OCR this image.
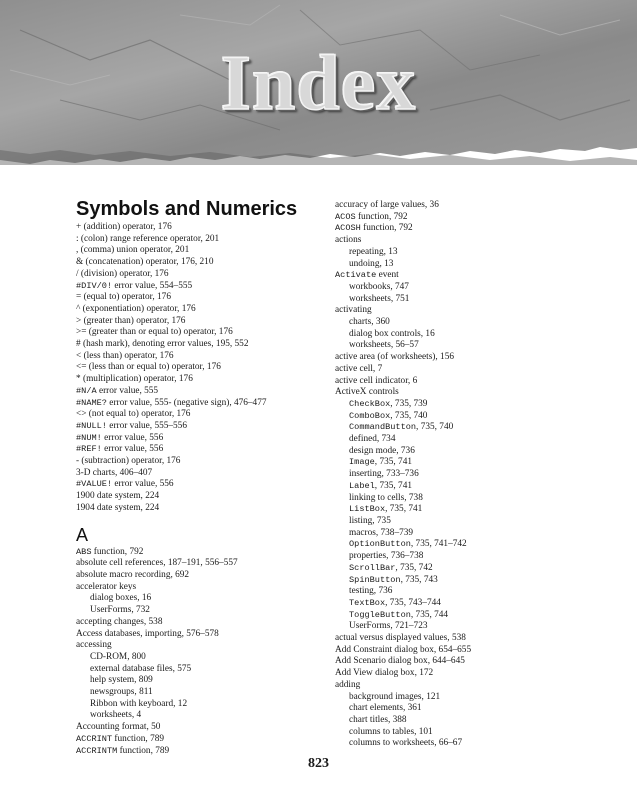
Index
Symbols and Numerics
+ (addition) operator, 176
: (colon) range reference operator, 201
, (comma) union operator, 201
& (concatenation) operator, 176, 210
/ (division) operator, 176
#DIV/0! error value, 554–555
= (equal to) operator, 176
^ (exponentiation) operator, 176
> (greater than) operator, 176
>= (greater than or equal to) operator, 176
# (hash mark), denoting error values, 195, 552
< (less than) operator, 176
<= (less than or equal to) operator, 176
* (multiplication) operator, 176
#N/A error value, 555
#NAME? error value, 555- (negative sign), 476–477
<> (not equal to) operator, 176
#NULL! error value, 555–556
#NUM! error value, 556
#REF! error value, 556
- (subtraction) operator, 176
3-D charts, 406–407
#VALUE! error value, 556
1900 date system, 224
1904 date system, 224
A
ABS function, 792
absolute cell references, 187–191, 556–557
absolute macro recording, 692
accelerator keys
dialog boxes, 16
UserForms, 732
accepting changes, 538
Access databases, importing, 576–578
accessing
CD-ROM, 800
external database files, 575
help system, 809
newsgroups, 811
Ribbon with keyboard, 12
worksheets, 4
Accounting format, 50
ACCRINT function, 789
ACCRINTM function, 789
accuracy of large values, 36
ACOS function, 792
ACOSH function, 792
actions
repeating, 13
undoing, 13
Activate event
workbooks, 747
worksheets, 751
activating
charts, 360
dialog box controls, 16
worksheets, 56–57
active area (of worksheets), 156
active cell, 7
active cell indicator, 6
ActiveX controls
CheckBox, 735, 739
ComboBox, 735, 740
CommandButton, 735, 740
defined, 734
design mode, 736
Image, 735, 741
inserting, 733–736
Label, 735, 741
linking to cells, 738
ListBox, 735, 741
listing, 735
macros, 738–739
OptionButton, 735, 741–742
properties, 736–738
ScrollBar, 735, 742
SpinButton, 735, 743
testing, 736
TextBox, 735, 743–744
ToggleButton, 735, 744
UserForms, 721–723
actual versus displayed values, 538
Add Constraint dialog box, 654–655
Add Scenario dialog box, 644–645
Add View dialog box, 172
adding
background images, 121
chart elements, 361
chart titles, 388
columns to tables, 101
columns to worksheets, 66–67
823
